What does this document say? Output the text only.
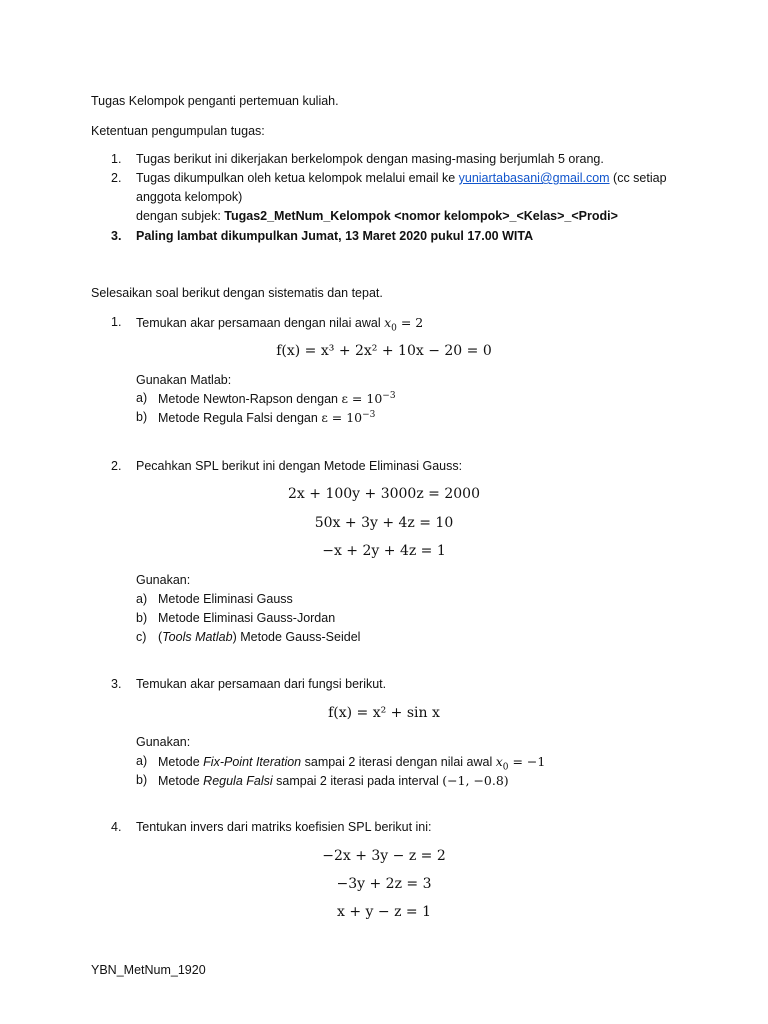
Tugas Kelompok penganti pertemuan kuliah.
Ketentuan pengumpulan tugas:
1. Tugas berikut ini dikerjakan berkelompok dengan masing-masing berjumlah 5 orang.
2. Tugas dikumpulkan oleh ketua kelompok melalui email ke yuniartabasani@gmail.com (cc setiap
anggota kelompok)
dengan subjek: Tugas2_MetNum_Kelompok <nomor kelompok>_<Kelas>_<Prodi>
3. Paling lambat dikumpulkan Jumat, 13 Maret 2020 pukul 17.00 WITA
Selesaikan soal berikut dengan sistematis dan tepat.
1. Temukan akar persamaan dengan nilai awal $x_0 = 2$
f(x) = x³ + 2x² + 10x − 20 = 0
Gunakan Matlab:
a) Metode Newton-Rapson dengan $\varepsilon = 10^{-3}$
b) Metode Regula Falsi dengan $\varepsilon = 10^{-3}$
2. Pecahkan SPL berikut ini dengan Metode Eliminasi Gauss:
2x + 100y + 3000z = 2000
50x + 3y + 4z = 10
−x + 2y + 4z = 1
Gunakan:
a) Metode Eliminasi Gauss
b) Metode Eliminasi Gauss-Jordan
c) (Tools Matlab) Metode Gauss-Seidel
3. Temukan akar persamaan dari fungsi berikut.
f(x) = x² + sin x
Gunakan:
a) Metode Fix-Point Iteration sampai 2 iterasi dengan nilai awal $x_0 = -1$
b) Metode Regula Falsi sampai 2 iterasi pada interval (−1, −0.8)
4. Tentukan invers dari matriks koefisien SPL berikut ini:
−2x + 3y − z = 2
−3y + 2z = 3
x + y − z = 1
YBN_MetNum_1920
